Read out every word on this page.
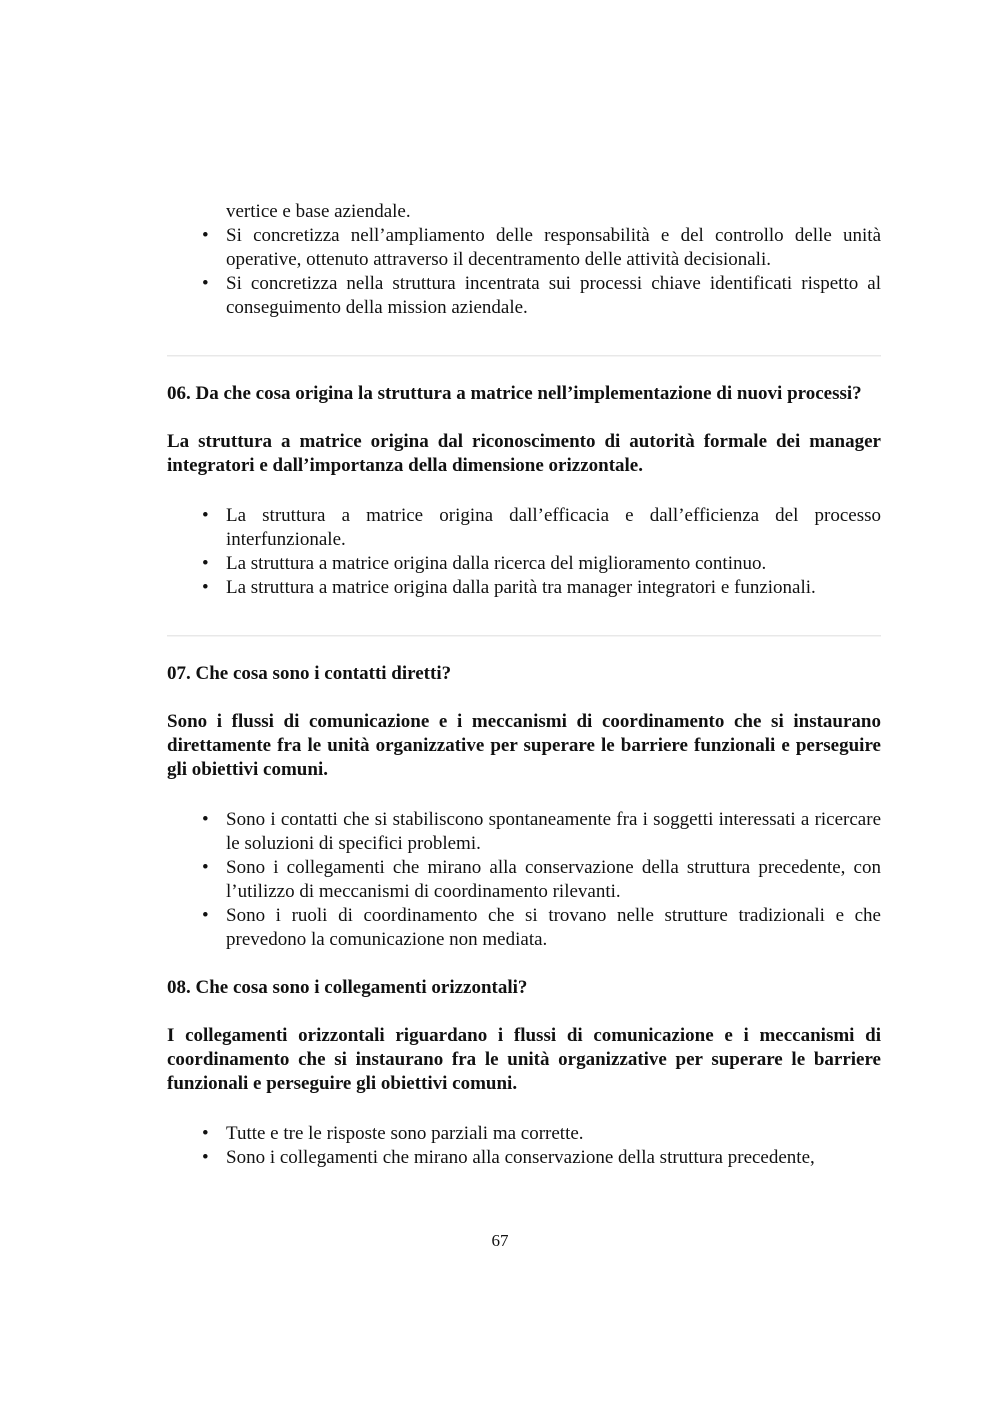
vertice e base aziendale.

• Si concretizza nell’ampliamento delle responsabilità e del controllo delle unità operative, ottenuto attraverso il decentramento delle attività decisionali.
• Si concretizza nella struttura incentrata sui processi chiave identificati rispetto al conseguimento della mission aziendale.

06. Da che cosa origina la struttura a matrice nell’implementazione di nuovi processi?

La struttura a matrice origina dal riconoscimento di autorità formale dei manager integratori e dall’importanza della dimensione orizzontale.

• La struttura a matrice origina dall’efficacia e dall’efficienza del processo interfunzionale.
• La struttura a matrice origina dalla ricerca del miglioramento continuo.
• La struttura a matrice origina dalla parità tra manager integratori e funzionali.

07. Che cosa sono i contatti diretti?

Sono i flussi di comunicazione e i meccanismi di coordinamento che si instaurano direttamente fra le unità organizzative per superare le barriere funzionali e perseguire gli obiettivi comuni.

• Sono i contatti che si stabiliscono spontaneamente fra i soggetti interessati a ricercare le soluzioni di specifici problemi.
• Sono i collegamenti che mirano alla conservazione della struttura precedente, con l’utilizzo di meccanismi di coordinamento rilevanti.
• Sono i ruoli di coordinamento che si trovano nelle strutture tradizionali e che prevedono la comunicazione non mediata.

08. Che cosa sono i collegamenti orizzontali?

I collegamenti orizzontali riguardano i flussi di comunicazione e i meccanismi di coordinamento che si instaurano fra le unità organizzative per superare le barriere funzionali e perseguire gli obiettivi comuni.

• Tutte e tre le risposte sono parziali ma corrette.
• Sono i collegamenti che mirano alla conservazione della struttura precedente,
67
